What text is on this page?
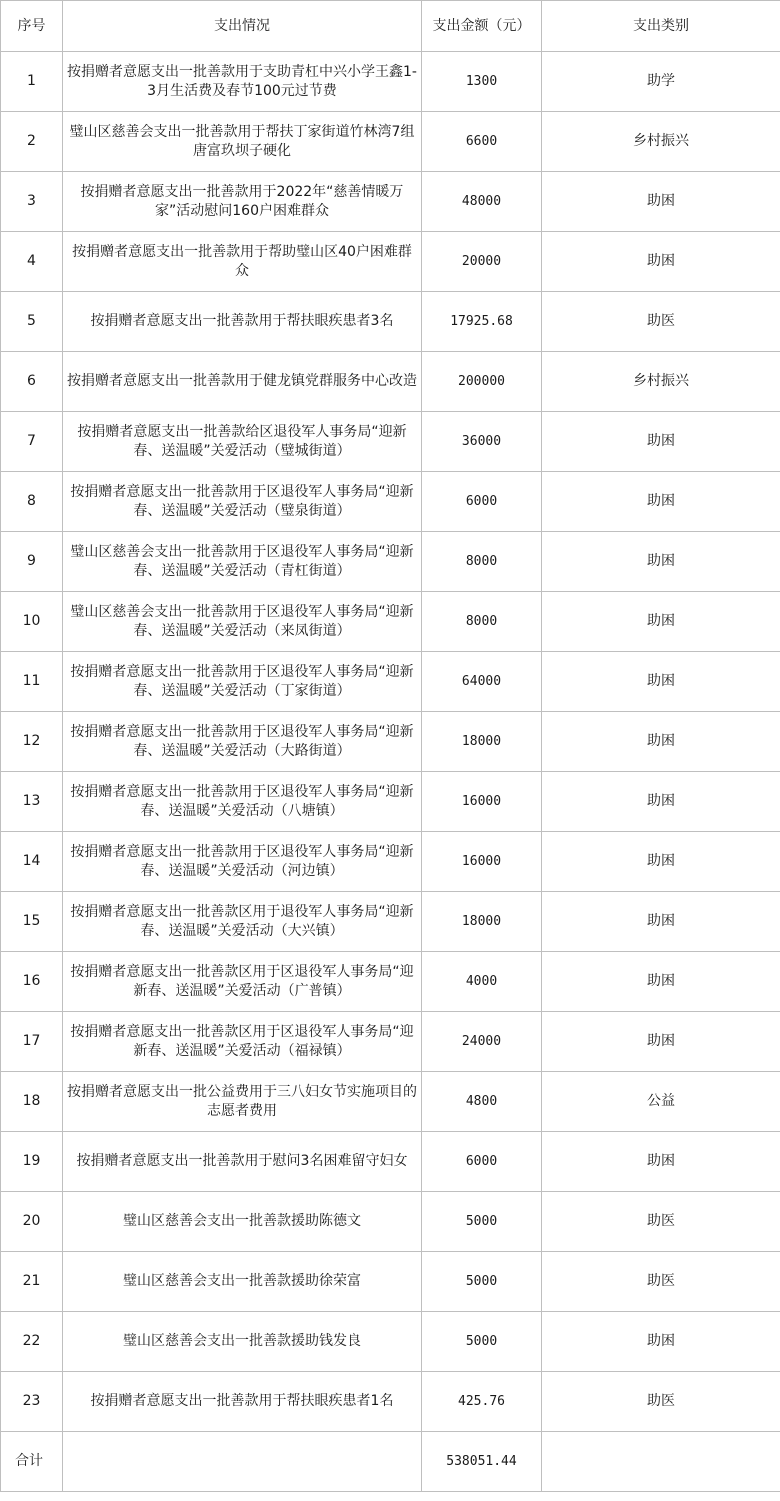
序号	支出情况	支出金额（元）	支出类别
1	按捐赠者意愿支出一批善款用于支助青杠中兴小学王鑫1-3月生活费及春节100元过节费	1300	助学
2	璧山区慈善会支出一批善款用于帮扶丁家街道竹林湾7组唐富玖坝子硬化	6600	乡村振兴
3	按捐赠者意愿支出一批善款用于2022年“慈善情暖万家”活动慰问160户困难群众	48000	助困
4	按捐赠者意愿支出一批善款用于帮助璧山区40户困难群众	20000	助困
5	按捐赠者意愿支出一批善款用于帮扶眼疾患者3名	17925.68	助医
6	按捐赠者意愿支出一批善款用于健龙镇党群服务中心改造	200000	乡村振兴
7	按捐赠者意愿支出一批善款给区退役军人事务局“迎新春、送温暖”关爱活动（璧城街道）	36000	助困
8	按捐赠者意愿支出一批善款用于区退役军人事务局“迎新春、送温暖”关爱活动（璧泉街道）	6000	助困
9	璧山区慈善会支出一批善款用于区退役军人事务局“迎新春、送温暖”关爱活动（青杠街道）	8000	助困
10	璧山区慈善会支出一批善款用于区退役军人事务局“迎新春、送温暖”关爱活动（来凤街道）	8000	助困
11	按捐赠者意愿支出一批善款用于区退役军人事务局“迎新春、送温暖”关爱活动（丁家街道）	64000	助困
12	按捐赠者意愿支出一批善款用于区退役军人事务局“迎新春、送温暖”关爱活动（大路街道）	18000	助困
13	按捐赠者意愿支出一批善款用于区退役军人事务局“迎新春、送温暖”关爱活动（八塘镇）	16000	助困
14	按捐赠者意愿支出一批善款用于区退役军人事务局“迎新春、送温暖”关爱活动（河边镇）	16000	助困
15	按捐赠者意愿支出一批善款区用于退役军人事务局“迎新春、送温暖”关爱活动（大兴镇）	18000	助困
16	按捐赠者意愿支出一批善款区用于区退役军人事务局“迎新春、送温暖”关爱活动（广普镇）	4000	助困
17	按捐赠者意愿支出一批善款区用于区退役军人事务局“迎新春、送温暖”关爱活动（福禄镇）	24000	助困
18	按捐赠者意愿支出一批公益费用于三八妇女节实施项目的志愿者费用	4800	公益
19	按捐赠者意愿支出一批善款用于慰问3名困难留守妇女	6000	助困
20	璧山区慈善会支出一批善款援助陈德文	5000	助医
21	璧山区慈善会支出一批善款援助徐荣富	5000	助医
22	璧山区慈善会支出一批善款援助钱发良	5000	助困
23	按捐赠者意愿支出一批善款用于帮扶眼疾患者1名	425.76	助医
合计		538051.44	
